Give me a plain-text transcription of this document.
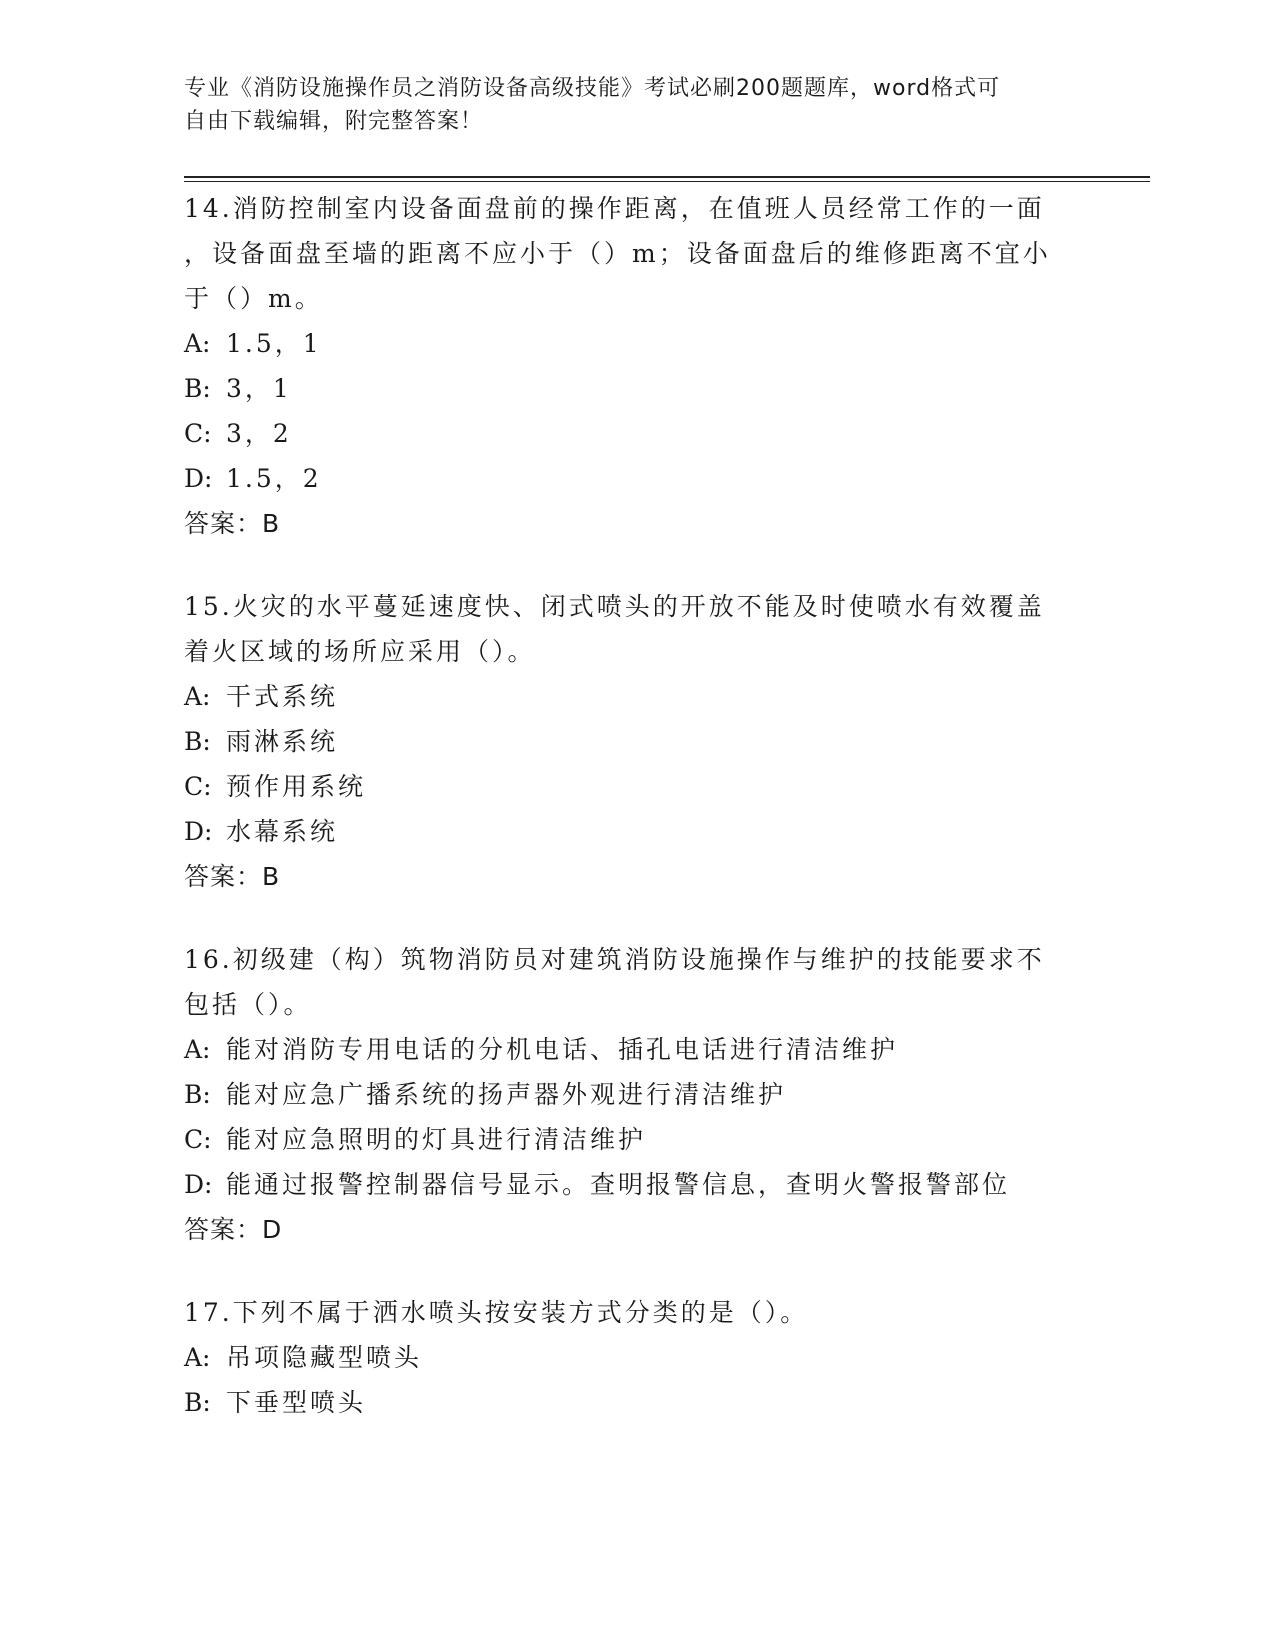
专业《消防设施操作员之消防设备高级技能》考试必刷200题题库，word格式可
自由下载编辑，附完整答案！

14.消防控制室内设备面盘前的操作距离，在值班人员经常工作的一面

，设备面盘至墙的距离不应小于（）m；设备面盘后的维修距离不宜小

于（）m。

A: 1.5，1

B: 3，1

C: 3，2

D: 1.5，2

答案：B

15.火灾的水平蔓延速度快、闭式喷头的开放不能及时使喷水有效覆盖

着火区域的场所应采用（）。

A: 干式系统

B: 雨淋系统

C: 预作用系统

D: 水幕系统

答案：B

16.初级建（构）筑物消防员对建筑消防设施操作与维护的技能要求不

包括（）。

A: 能对消防专用电话的分机电话、插孔电话进行清洁维护

B: 能对应急广播系统的扬声器外观进行清洁维护

C: 能对应急照明的灯具进行清洁维护

D: 能通过报警控制器信号显示。查明报警信息，查明火警报警部位

答案：D

17.下列不属于洒水喷头按安装方式分类的是（）。

A: 吊项隐藏型喷头

B: 下垂型喷头
